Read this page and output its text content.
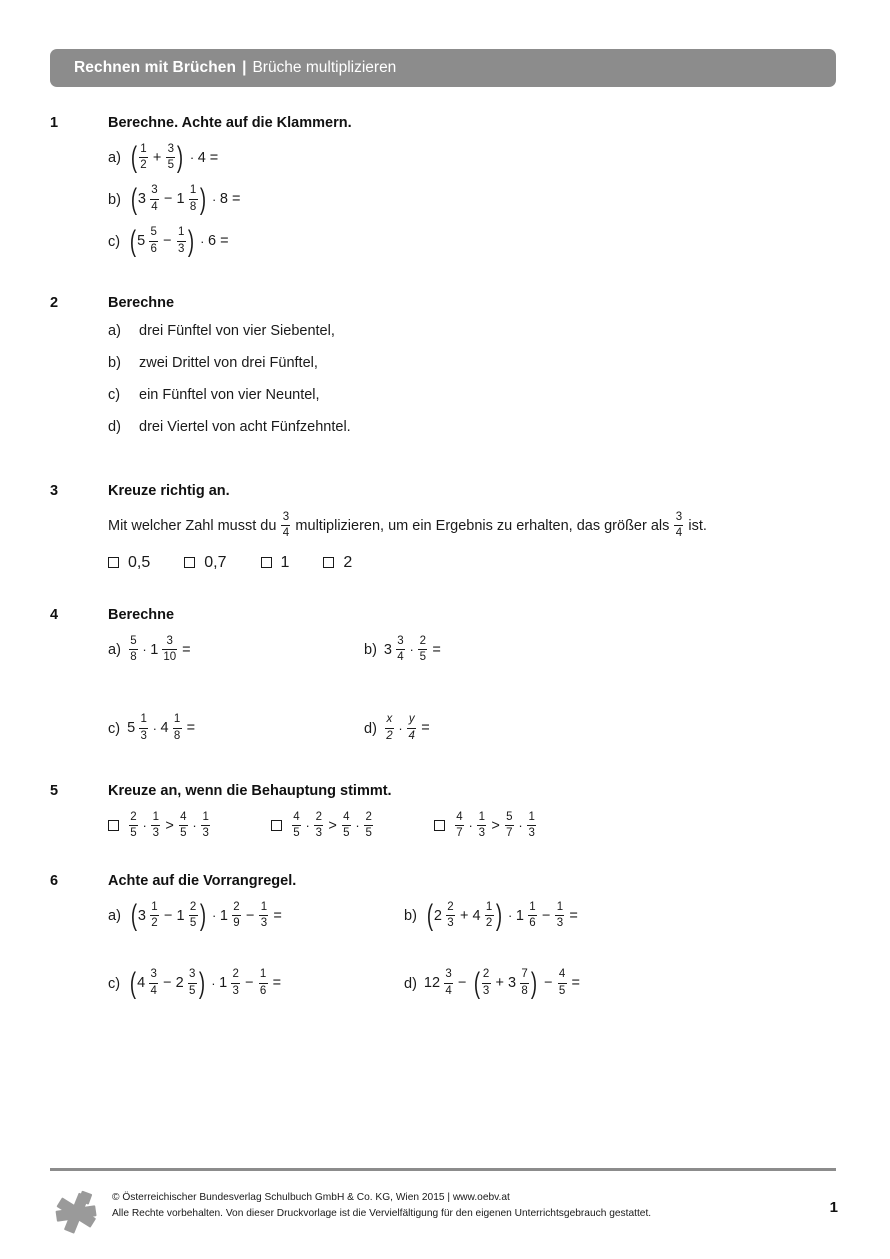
Rechnen mit Brüchen | Brüche multiplizieren
1	Berechne. Achte auf die Klammern.
a) ( $\frac{1}{2} + \frac{3}{5}$ ) · 4 =
b) ( $3 \frac{3}{4} - 1 \frac{1}{8}$ ) · 8 =
c) ( $5 \frac{5}{6} - \frac{1}{3}$ ) · 6 =
2	Berechne
a)	drei Fünftel von vier Siebentel,
b)	zwei Drittel von drei Fünftel,
c)	ein Fünftel von vier Neuntel,
d)	drei Viertel von acht Fünfzehntel.
3	Kreuze richtig an.
Mit welcher Zahl musst du $\frac{3}{4}$ multiplizieren, um ein Ergebnis zu erhalten, das größer als $\frac{3}{4}$ ist.
0,5	0,7	1	2
4	Berechne
$a) \frac{5}{8} \cdot 1 \frac{3}{10}$ =	b) $3 \frac{3}{4} \cdot \frac{2}{5}$ =
c) $5 \frac{1}{3} \cdot 4 \frac{1}{8}$ =	$d) \frac{x}{2} \cdot \frac{y}{4}$ =
5	Kreuze an, wenn die Behauptung stimmt.
$\frac{2}{5} \cdot \frac{1}{3} > \frac{4}{5} \cdot \frac{1}{3}$	$\frac{4}{5} \cdot \frac{2}{3} > \frac{4}{5} \cdot \frac{2}{5}$	$\frac{4}{7} \cdot \frac{1}{3} > \frac{5}{7} \cdot \frac{1}{3}$
6	Achte auf die Vorrangregel.
a) ( $3 \frac{1}{2} - 1 \frac{2}{5}$ ) · $1 \frac{2}{9} - \frac{1}{3}$ =	b) ( $2 \frac{2}{3} + 4 \frac{1}{2}$ ) · $1 \frac{1}{6} - \frac{1}{3}$ =
c) ( $4 \frac{3}{4} - 2 \frac{3}{5}$ ) · $1 \frac{2}{3} - \frac{1}{6}$ =	d) $12 \frac{3}{4}$ − ( $\frac{2}{3} + 3 \frac{7}{8}$ ) − $\frac{4}{5}$ =
© Österreichischer Bundesverlag Schulbuch GmbH & Co. KG, Wien 2015 | www.oebv.at
Alle Rechte vorbehalten. Von dieser Druckvorlage ist die Vervielfältigung für den eigenen Unterrichtsgebrauch gestattet.	1
